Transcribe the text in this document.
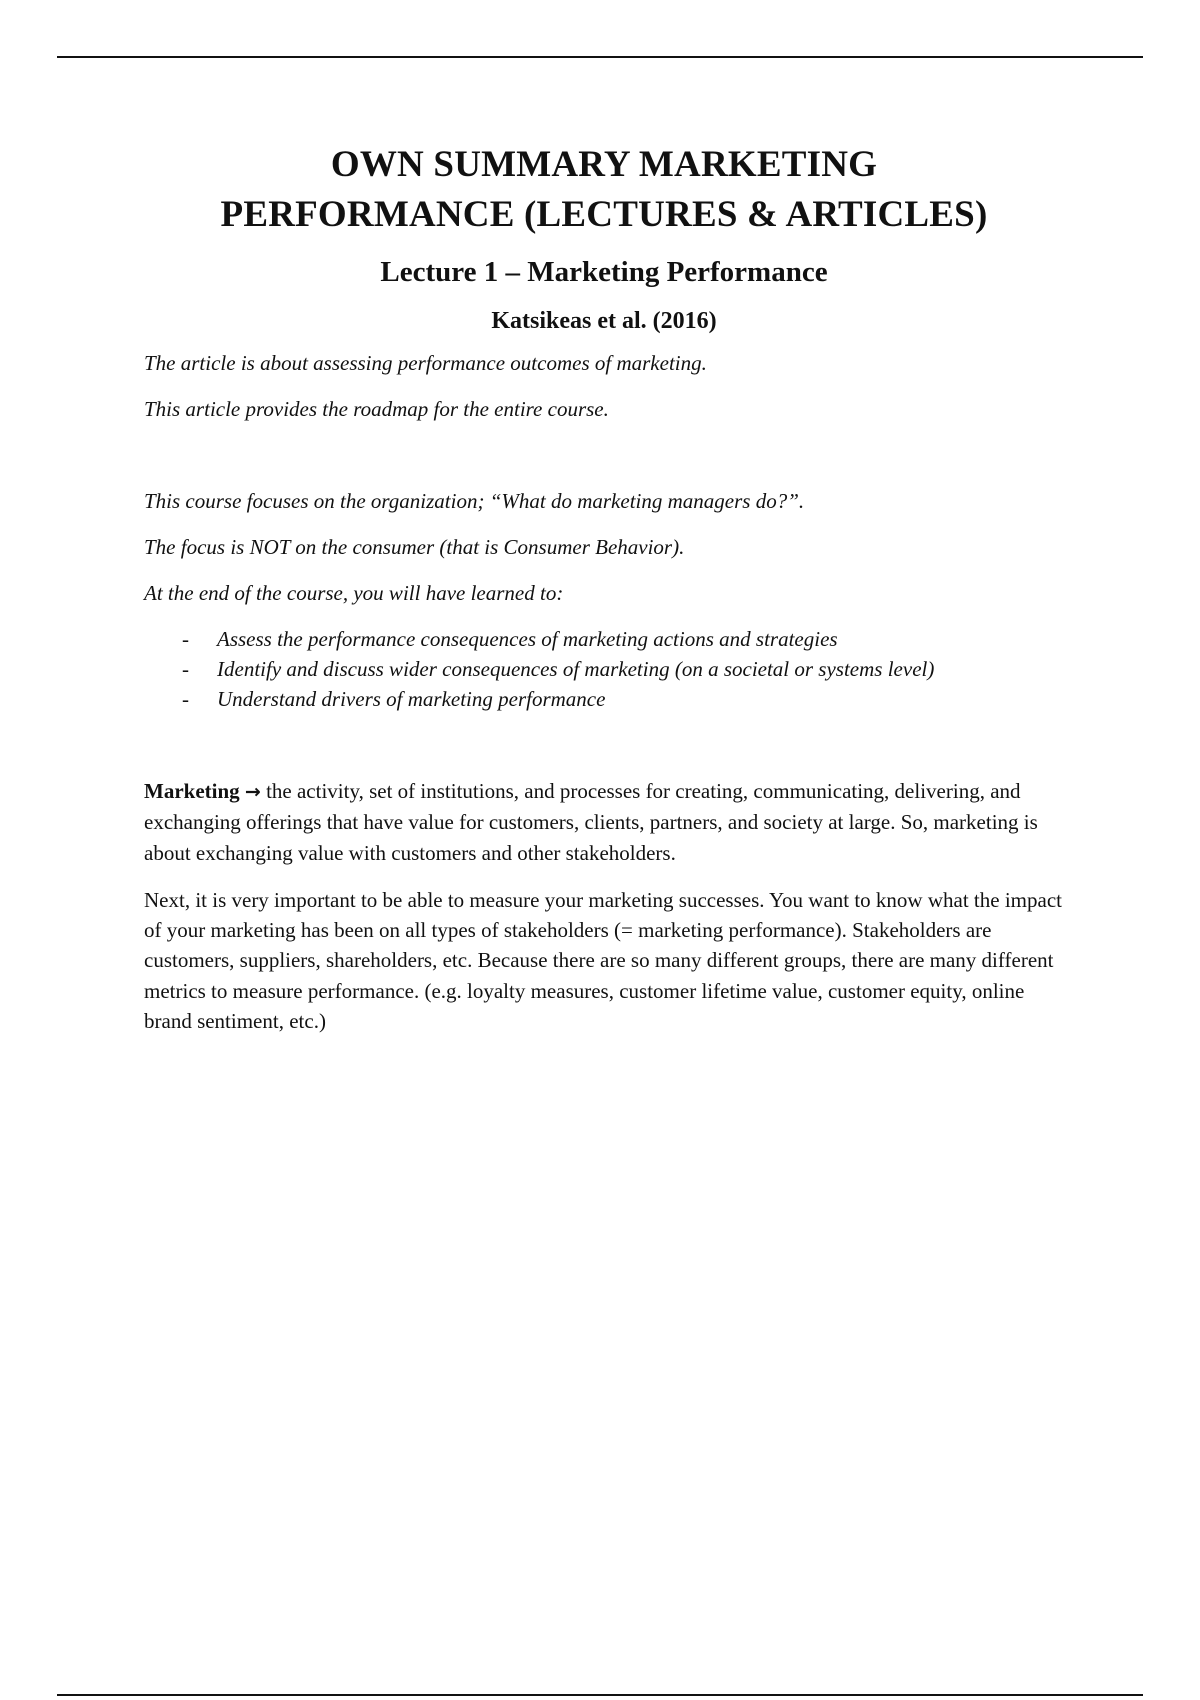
OWN SUMMARY MARKETING
PERFORMANCE (LECTURES & ARTICLES)
Lecture 1 – Marketing Performance
Katsikeas et al. (2016)

The article is about assessing performance outcomes of marketing.

This article provides the roadmap for the entire course.

This course focuses on the organization; “What do marketing managers do?”.

The focus is NOT on the consumer (that is Consumer Behavior).

At the end of the course, you will have learned to:

- Assess the performance consequences of marketing actions and strategies
- Identify and discuss wider consequences of marketing (on a societal or systems level)
- Understand drivers of marketing performance

Marketing → the activity, set of institutions, and processes for creating, communicating, delivering, and exchanging offerings that have value for customers, clients, partners, and society at large. So, marketing is about exchanging value with customers and other stakeholders.

Next, it is very important to be able to measure your marketing successes. You want to know what the impact of your marketing has been on all types of stakeholders (= marketing performance). Stakeholders are customers, suppliers, shareholders, etc. Because there are so many different groups, there are many different metrics to measure performance. (e.g. loyalty measures, customer lifetime value, customer equity, online brand sentiment, etc.)
